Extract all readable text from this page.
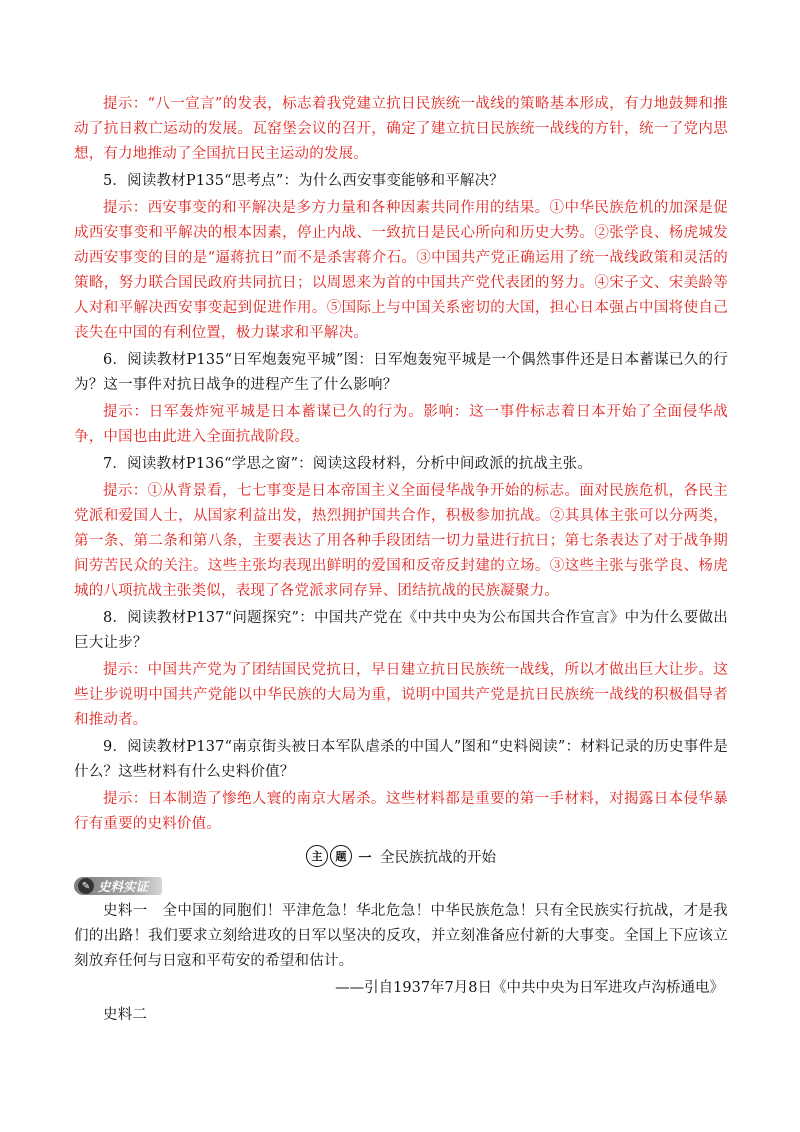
提示：“八一宣言”的发表，标志着我党建立抗日民族统一战线的策略基本形成，有力地鼓舞和推动了抗日救亡运动的发展。瓦窑堡会议的召开，确定了建立抗日民族统一战线的方针，统一了党内思想，有力地推动了全国抗日民主运动的发展。

5．阅读教材P135“思考点”：为什么西安事变能够和平解决？

提示：西安事变的和平解决是多方力量和各种因素共同作用的结果。①中华民族危机的加深是促成西安事变和平解决的根本因素，停止内战、一致抗日是民心所向和历史大势。②张学良、杨虎城发动西安事变的目的是“逼蒋抗日”而不是杀害蒋介石。③中国共产党正确运用了统一战线政策和灵活的策略，努力联合国民政府共同抗日；以周恩来为首的中国共产党代表团的努力。④宋子文、宋美龄等人对和平解决西安事变起到促进作用。⑤国际上与中国关系密切的大国，担心日本强占中国将使自己丧失在中国的有利位置，极力谋求和平解决。

6．阅读教材P135“日军炮轰宛平城”图：日军炮轰宛平城是一个偶然事件还是日本蓄谋已久的行为？这一事件对抗日战争的进程产生了什么影响？

提示：日军轰炸宛平城是日本蓄谋已久的行为。影响：这一事件标志着日本开始了全面侵华战争，中国也由此进入全面抗战阶段。

7．阅读教材P136“学思之窗”：阅读这段材料，分析中间政派的抗战主张。

提示：①从背景看，七七事变是日本帝国主义全面侵华战争开始的标志。面对民族危机，各民主党派和爱国人士，从国家利益出发，热烈拥护国共合作，积极参加抗战。②其具体主张可以分两类，第一条、第二条和第八条，主要表达了用各种手段团结一切力量进行抗日；第七条表达了对于战争期间劳苦民众的关注。这些主张均表现出鲜明的爱国和反帝反封建的立场。③这些主张与张学良、杨虎城的八项抗战主张类似，表现了各党派求同存异、团结抗战的民族凝聚力。

8．阅读教材P137“问题探究”：中国共产党在《中共中央为公布国共合作宣言》中为什么要做出巨大让步？

提示：中国共产党为了团结国民党抗日，早日建立抗日民族统一战线，所以才做出巨大让步。这些让步说明中国共产党能以中华民族的大局为重，说明中国共产党是抗日民族统一战线的积极倡导者和推动者。

9．阅读教材P137“南京街头被日本军队虐杀的中国人”图和“史料阅读”：材料记录的历史事件是什么？这些材料有什么史料价值？

提示：日本制造了惨绝人寰的南京大屠杀。这些材料都是重要的第一手材料，对揭露日本侵华暴行有重要的史料价值。

主	题 一 全民族抗战的开始
✎ 史料实证

史料一　全中国的同胞们！平津危急！华北危急！中华民族危急！只有全民族实行抗战，才是我们的出路！我们要求立刻给进攻的日军以坚决的反攻，并立刻准备应付新的大事变。全国上下应该立刻放弃任何与日寇和平苟安的希望和估计。

——引自1937年7月8日《中共中央为日军进攻卢沟桥通电》

史料二
